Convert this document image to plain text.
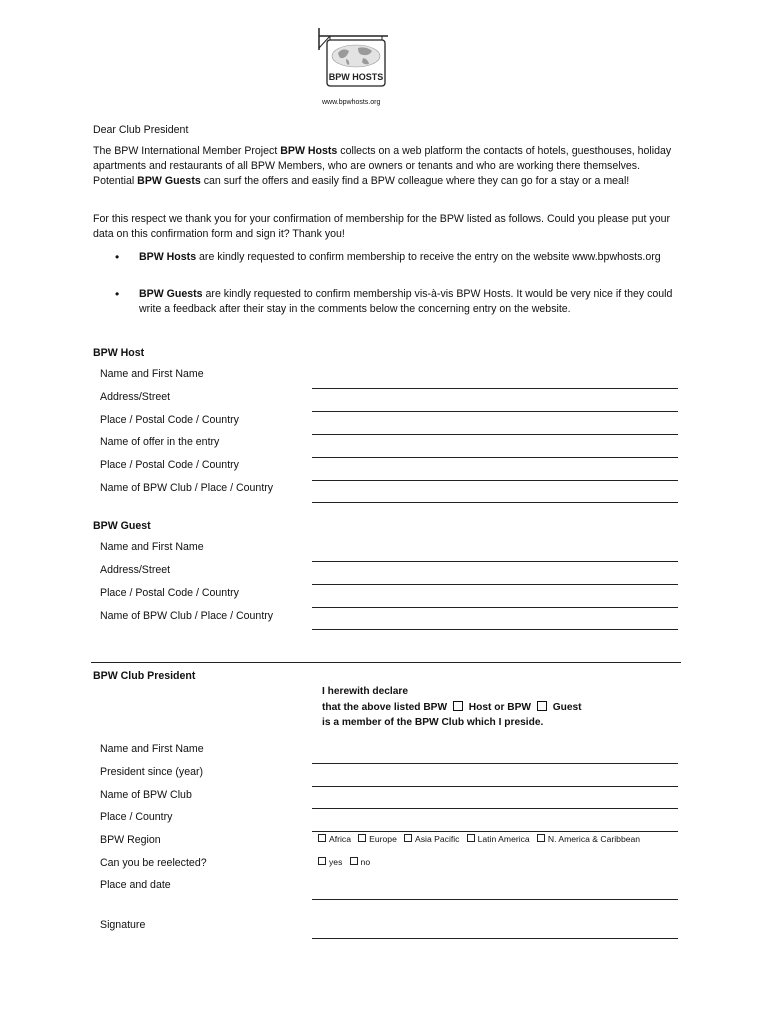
BPW HOSTS
www.bpwhosts.org
Dear Club President
The BPW International Member Project BPW Hosts collects on a web platform the contacts of hotels, guesthouses, holiday apartments and restaurants of all BPW Members, who are owners or tenants and who are working there themselves. Potential BPW Guests can surf the offers and easily find a BPW colleague where they can go for a stay or a meal!
For this respect we thank you for your confirmation of membership for the BPW listed as follows. Could you please put your data on this confirmation form and sign it? Thank you!
• BPW Hosts are kindly requested to confirm membership to receive the entry on the website www.bpwhosts.org
• BPW Guests are kindly requested to confirm membership vis-à-vis BPW Hosts. It would be very nice if they could write a feedback after their stay in the comments below the concerning entry on the website.
BPW Host
Name and First Name
Address/Street
Place / Postal Code / Country
Name of offer in the entry
Place / Postal Code / Country
Name of BPW Club / Place / Country
BPW Guest
Name and First Name
Address/Street
Place / Postal Code / Country
Name of BPW Club / Place / Country
BPW Club President
I herewith declare
that the above listed BPW  Host or BPW  Guest
is a member of the BPW Club which I preside.
Name and First Name
President since (year)
Name of BPW Club
Place / Country
BPW Region
Can you be reelected?
Place and date
Signature
Africa Europe Asia Pacific Latin America N. America & Caribbean
yes no
